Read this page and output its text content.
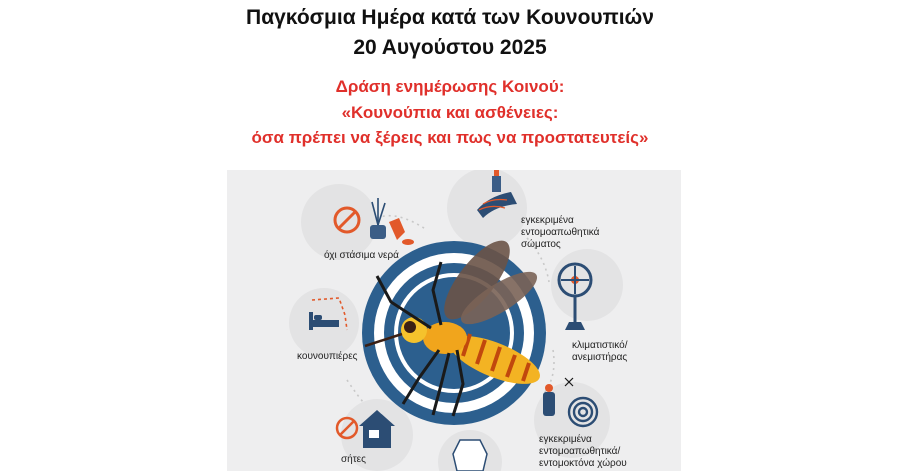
Παγκόσμια Ημέρα κατά των Κουνουπιών
20 Αυγούστου 2025
Δράση ενημέρωσης Κοινού:
«Κουνούπια και ασθένειες:
όσα πρέπει να ξέρεις και πως να προστατευτείς»
όχι στάσιμα νερά
εγκεκριμένα
εντομοαπωθητικά
σώματος
κλιματιστικό/
ανεμιστήρας
κουνουπιέρες
εγκεκριμένα
εντομοαπωθητικά/
εντομοκτόνα χώρου
σήτες
